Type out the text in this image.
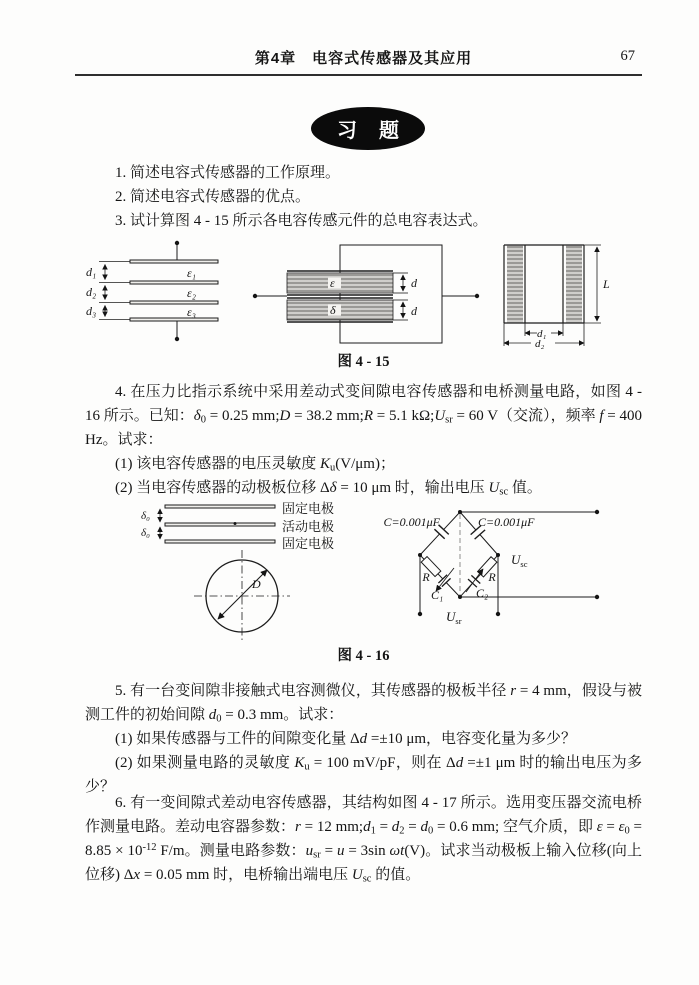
第4章　电容式传感器及其应用	67
习 题

1. 简述电容式传感器的工作原理。

2. 简述电容式传感器的优点。

3. 试计算图 4 - 15 所示各电容传感元件的总电容表达式。

d₁
d₂
d₃
ε₁
ε₂
ε₃
ε
δ
d
d
L
d₁
d₂
图 4 - 15

4. 在压力比指示系统中采用差动式变间隙电容传感器和电桥测量电路，如图 4 - 16 所示。已知：$\delta_0 = 0.25$ mm;D = 38.2 mm;R = 5.1 $k\Omega;U_{sr} = 60$ V（交流），频率 f = 400 Hz。试求：

(1) 该电容传感器的电压灵敏度 $K_u(V/\mu m)$；

(2) 当电容传感器的动极板位移 Δδ = 10 μm 时，输出电压 $U_{sc}$ 值。

δ₀
δ₀
固定电极
活动电极
固定电极
D
C=0.001μF	C=0.001μF
R	R
C₁	C₂
$U_{sc}$
$U_{sr}$
图 4 - 16

5. 有一台变间隙非接触式电容测微仪，其传感器的极板半径 r = 4 mm，假设与被测工件的初始间隙 $d_0 = 0.3$ mm。试求：

(1) 如果传感器与工件的间隙变化量 Δd =±10 μm，电容变化量为多少？

(2) 如果测量电路的灵敏度 $K_u = 100$ mV/pF，则在 Δd =±1 μm 时的输出电压为多少？

6. 有一变间隙式差动电容传感器，其结构如图 4 - 17 所示。选用变压器交流电桥作测量电路。差动电容器参数：r = 12 $mm;d_1 = d_2 = d_0 = 0.6$ mm; 空气介质，即 $\varepsilon = \varepsilon_0 = 8.85 \times 10^{-12}$ F/m。测量电路参数：$u_{sr} = u = 3\sin$ ωt(V)。试求当动极板上输入位移(向上位移) Δx = 0.05 mm 时，电桥输出端电压 $U_{sc}$ 的值。
